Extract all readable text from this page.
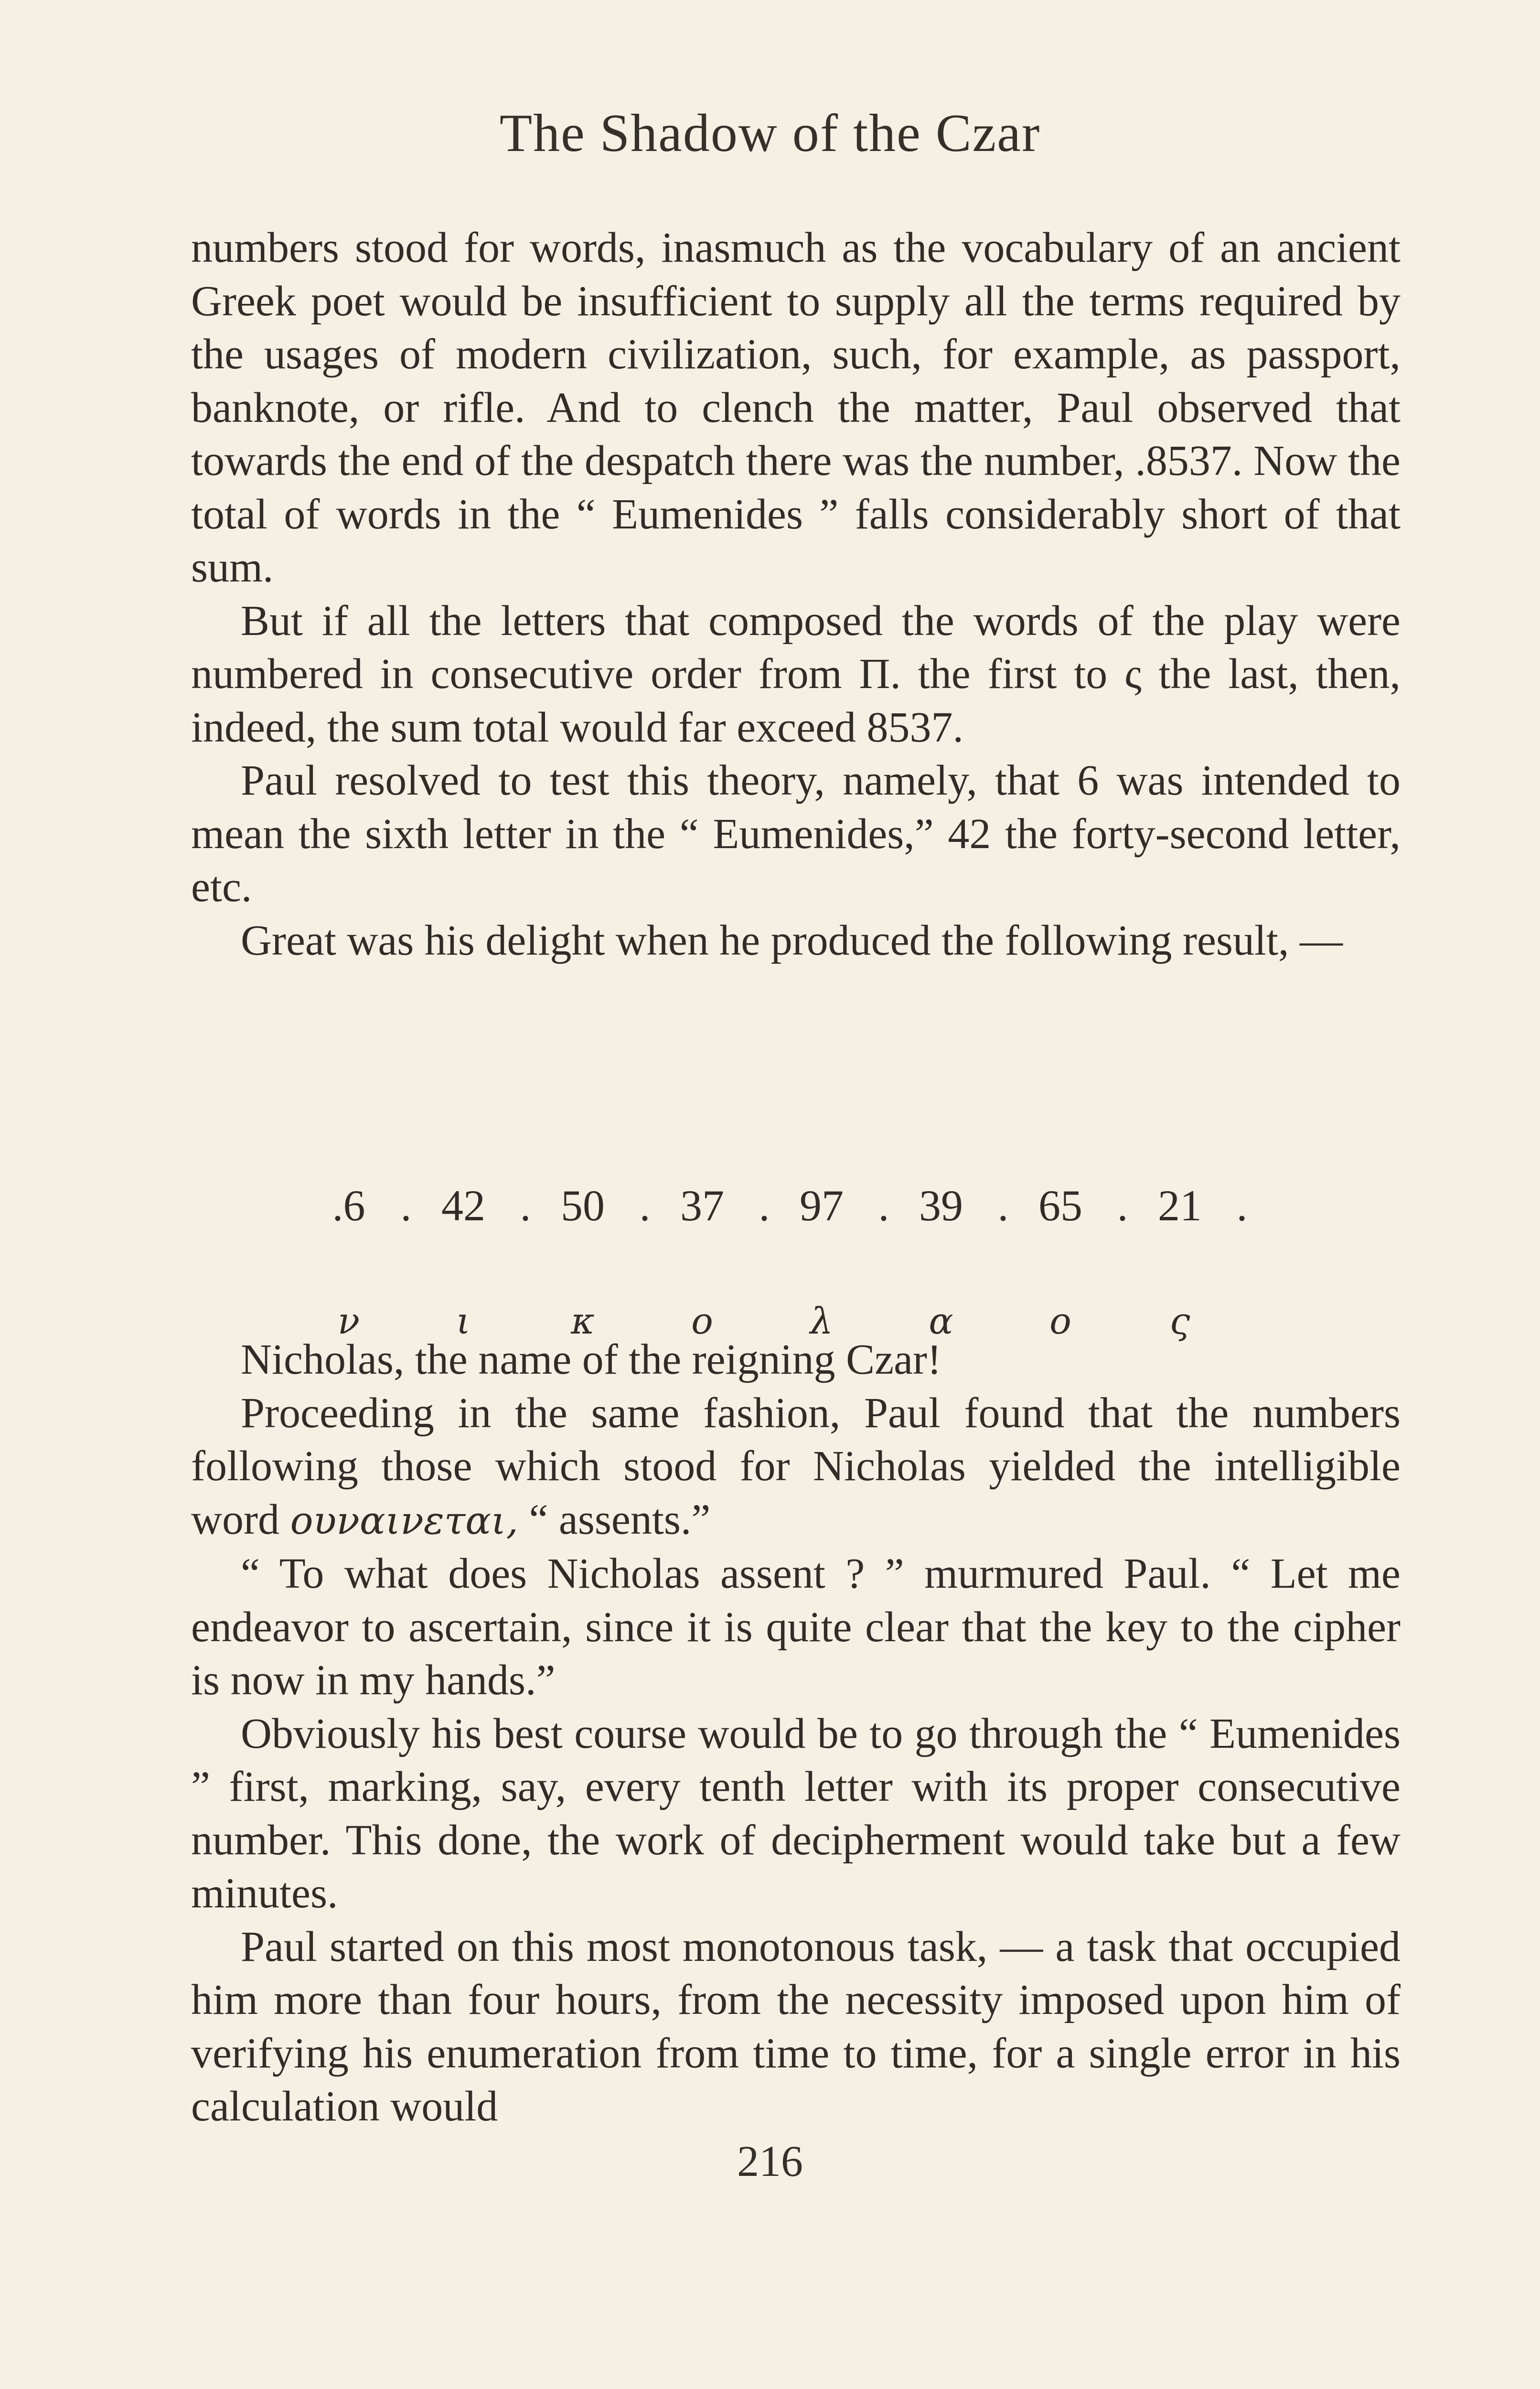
The Shadow of the Czar

numbers stood for words, inasmuch as the vocabulary of an ancient Greek poet would be insufficient to supply all the terms required by the usages of modern civilization, such, for example, as passport, banknote, or rifle. And to clench the matter, Paul observed that towards the end of the despatch there was the number, .8537. Now the total of words in the “ Eumenides ” falls considerably short of that sum.

But if all the letters that composed the words of the play were numbered in consecutive order from Π. the first to ς the last, then, indeed, the sum total would far exceed 8537.

Paul resolved to test this theory, namely, that 6 was intended to mean the sixth letter in the “ Eumenides,” 42 the forty-second letter, etc.

Great was his delight when he produced the following result, —

.6 . 42 . 50 . 37 . 97 . 39 . 65 . 21 .
ν	ι	κ	ο	λ	α	ο	ς

Nicholas, the name of the reigning Czar!

Proceeding in the same fashion, Paul found that the numbers following those which stood for Nicholas yielded the intelligible word ουναινεται, “ assents.”

“ To what does Nicholas assent ? ” murmured Paul. “ Let me endeavor to ascertain, since it is quite clear that the key to the cipher is now in my hands.”

Obviously his best course would be to go through the “ Eumenides ” first, marking, say, every tenth letter with its proper consecutive number. This done, the work of decipherment would take but a few minutes.

Paul started on this most monotonous task, — a task that occupied him more than four hours, from the necessity imposed upon him of verifying his enumeration from time to time, for a single error in his calculation would

216
